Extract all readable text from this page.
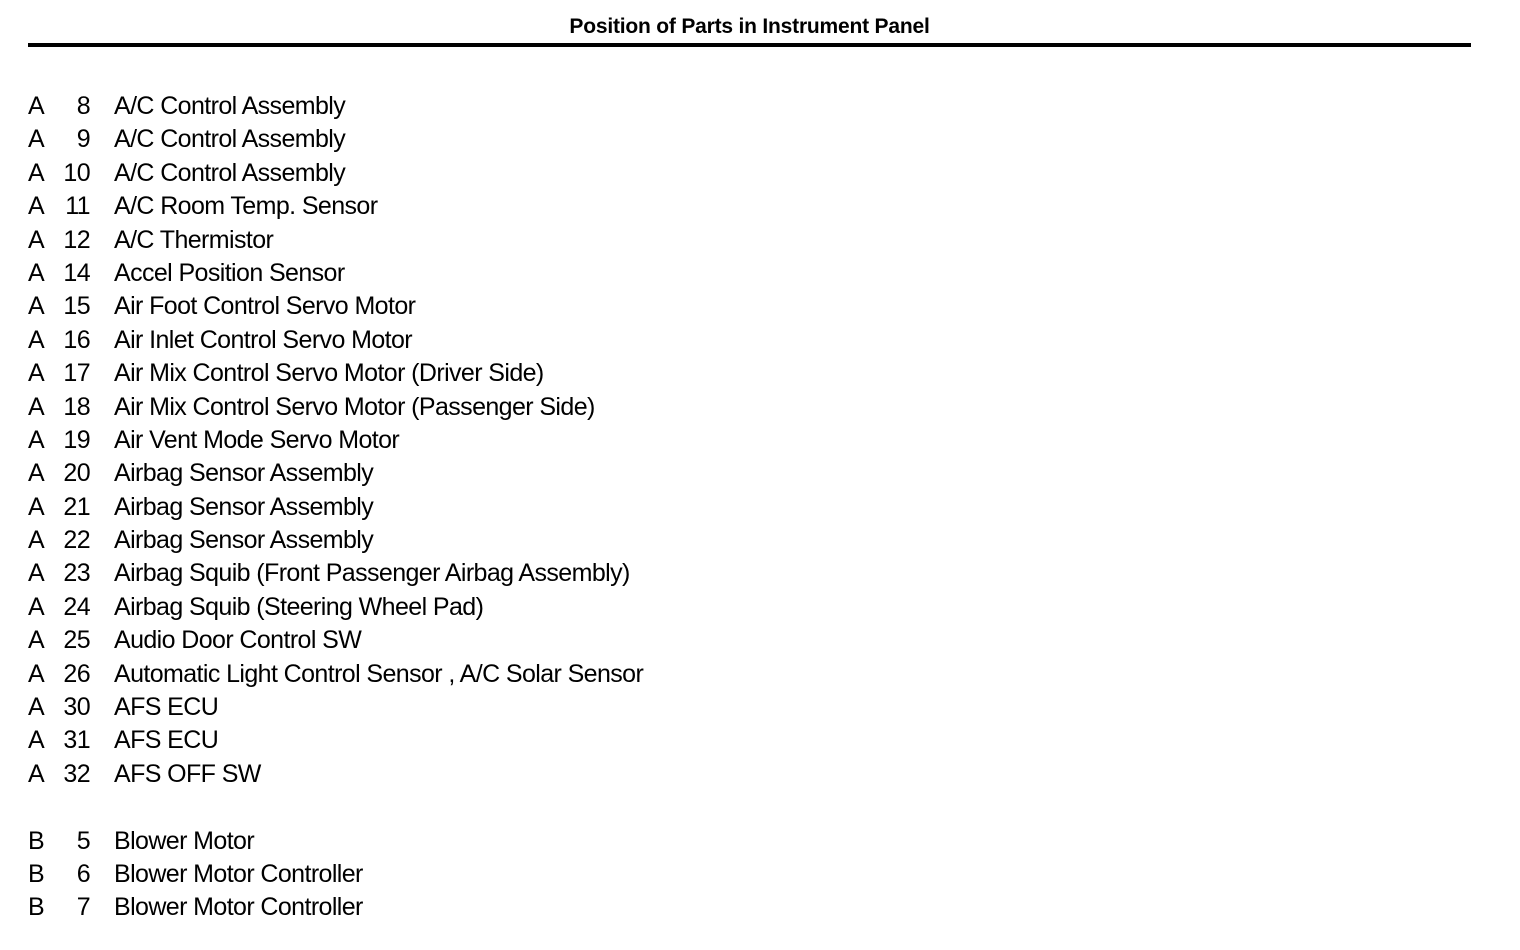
Position of Parts in Instrument Panel
A	8 A/C Control Assembly
A	9 A/C Control Assembly
A 10 A/C Control Assembly
A 11 A/C Room Temp. Sensor
A 12 A/C Thermistor
A 14 Accel Position Sensor
A 15 Air Foot Control Servo Motor
A 16 Air Inlet Control Servo Motor
A 17 Air Mix Control Servo Motor (Driver Side)
A 18 Air Mix Control Servo Motor (Passenger Side)
A 19 Air Vent Mode Servo Motor
A 20 Airbag Sensor Assembly
A 21 Airbag Sensor Assembly
A 22 Airbag Sensor Assembly
A 23 Airbag Squib (Front Passenger Airbag Assembly)
A 24 Airbag Squib (Steering Wheel Pad)
A 25 Audio Door Control SW
A 26 Automatic Light Control Sensor , A/C Solar Sensor
A 30 AFS ECU
A 31 AFS ECU
A 32 AFS OFF SW
B	5 Blower Motor
B	6 Blower Motor Controller
B	7 Blower Motor Controller
